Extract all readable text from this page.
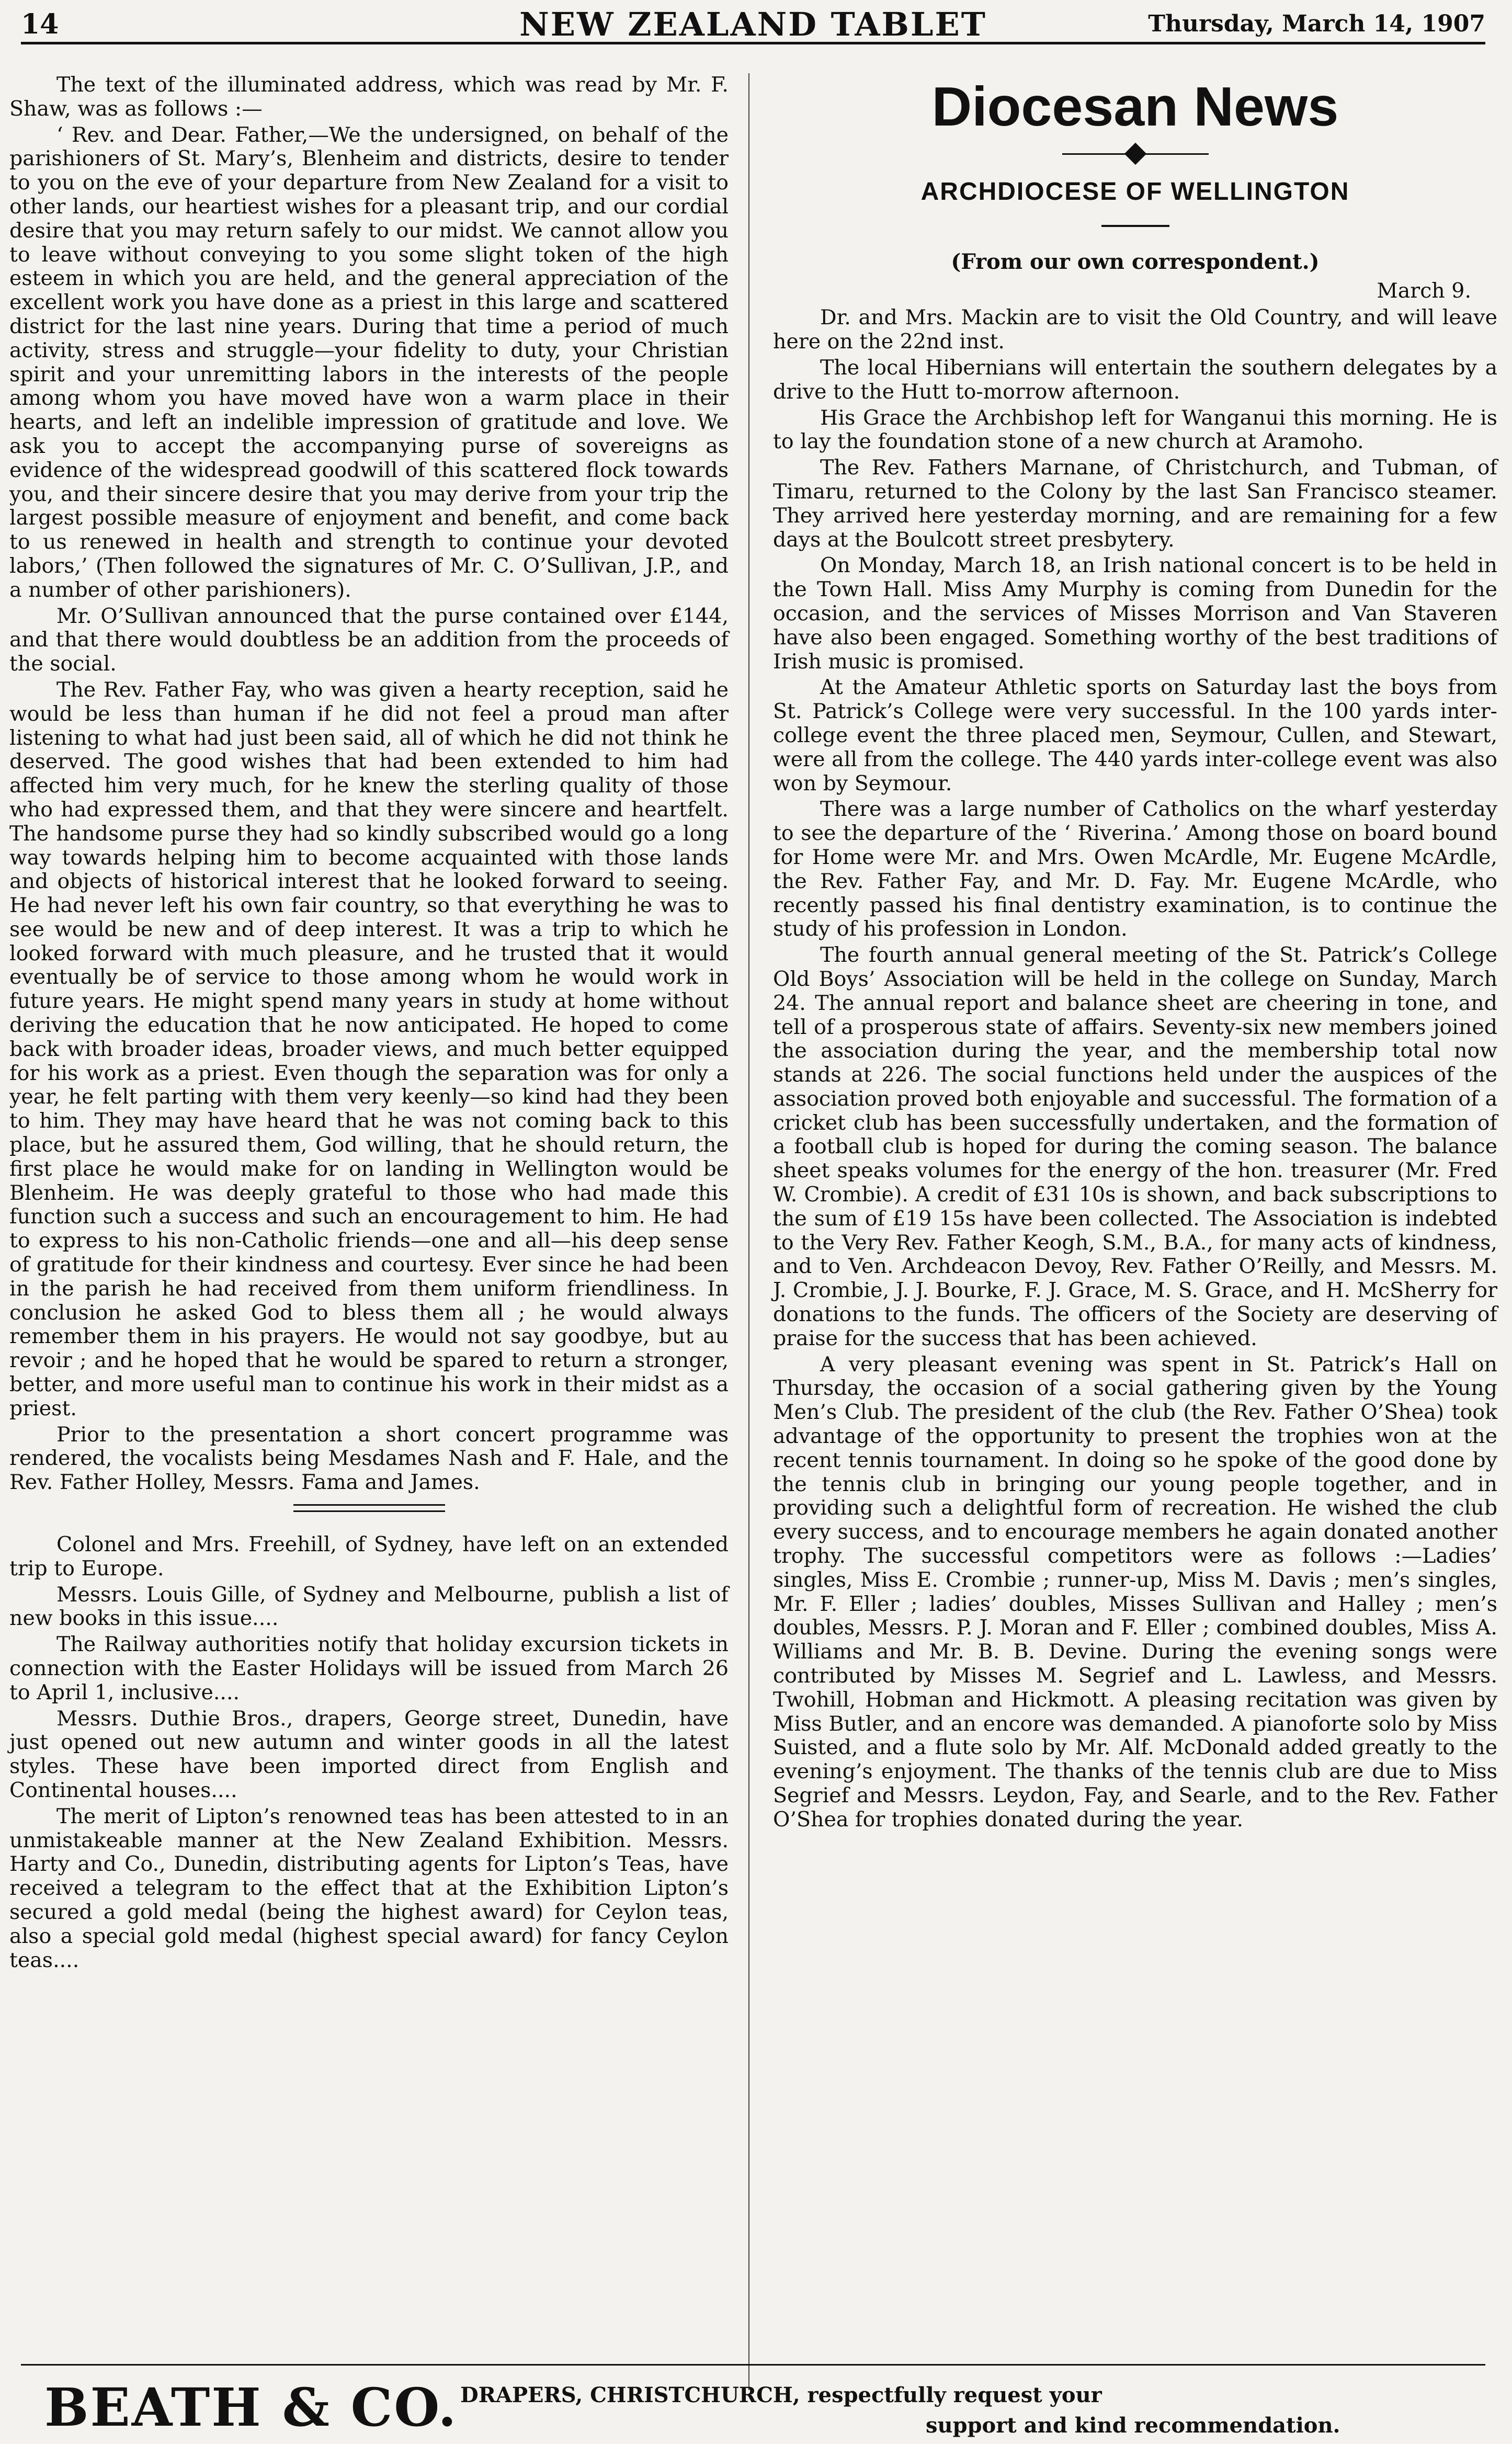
14	NEW ZEALAND TABLET	Thursday, March 14, 1907

The text of the illuminated address, which was read by Mr. F. Shaw, was as follows :—

‘ Rev. and Dear. Father,—We the undersigned, on behalf of the parishioners of St. Mary’s, Blenheim and districts, desire to tender to you on the eve of your departure from New Zealand for a visit to other lands, our heartiest wishes for a pleasant trip, and our cordial desire that you may return safely to our midst. We cannot allow you to leave without conveying to you some slight token of the high esteem in which you are held, and the general appreciation of the excellent work you have done as a priest in this large and scattered district for the last nine years. During that time a period of much activity, stress and struggle—your fidelity to duty, your Christian spirit and your unremitting labors in the interests of the people among whom you have moved have won a warm place in their hearts, and left an indelible impression of gratitude and love. We ask you to accept the accompanying purse of sovereigns as evidence of the widespread goodwill of this scattered flock towards you, and their sincere desire that you may derive from your trip the largest possible measure of enjoyment and benefit, and come back to us renewed in health and strength to continue your devoted labors,’ (Then followed the signatures of Mr. C. O’Sullivan, J.P., and a number of other parishioners).

Mr. O’Sullivan announced that the purse contained over £144, and that there would doubtless be an addition from the proceeds of the social.

The Rev. Father Fay, who was given a hearty reception, said he would be less than human if he did not feel a proud man after listening to what had just been said, all of which he did not think he deserved. The good wishes that had been extended to him had affected him very much, for he knew the sterling quality of those who had expressed them, and that they were sincere and heartfelt. The handsome purse they had so kindly subscribed would go a long way towards helping him to become acquainted with those lands and objects of historical interest that he looked forward to seeing. He had never left his own fair country, so that everything he was to see would be new and of deep interest. It was a trip to which he looked forward with much pleasure, and he trusted that it would eventually be of service to those among whom he would work in future years. He might spend many years in study at home without deriving the education that he now anticipated. He hoped to come back with broader ideas, broader views, and much better equipped for his work as a priest. Even though the separation was for only a year, he felt parting with them very keenly—so kind had they been to him. They may have heard that he was not coming back to this place, but he assured them, God willing, that he should return, the first place he would make for on landing in Wellington would be Blenheim. He was deeply grateful to those who had made this function such a success and such an encouragement to him. He had to express to his non-Catholic friends—one and all—his deep sense of gratitude for their kindness and courtesy. Ever since he had been in the parish he had received from them uniform friendliness. In conclusion he asked God to bless them all ; he would always remember them in his prayers. He would not say goodbye, but au revoir ; and he hoped that he would be spared to return a stronger, better, and more useful man to continue his work in their midst as a priest.

Prior to the presentation a short concert programme was rendered, the vocalists being Mesdames Nash and F. Hale, and the Rev. Father Holley, Messrs. Fama and James.

Colonel and Mrs. Freehill, of Sydney, have left on an extended trip to Europe.

Messrs. Louis Gille, of Sydney and Melbourne, publish a list of new books in this issue....

The Railway authorities notify that holiday excursion tickets in connection with the Easter Holidays will be issued from March 26 to April 1, inclusive....

Messrs. Duthie Bros., drapers, George street, Dunedin, have just opened out new autumn and winter goods in all the latest styles. These have been imported direct from English and Continental houses....

The merit of Lipton’s renowned teas has been attested to in an unmistakeable manner at the New Zealand Exhibition. Messrs. Harty and Co., Dunedin, distributing agents for Lipton’s Teas, have received a telegram to the effect that at the Exhibition Lipton’s secured a gold medal (being the highest award) for Ceylon teas, also a special gold medal (highest special award) for fancy Ceylon teas....

Diocesan News
ARCHDIOCESE OF WELLINGTON

(From our own correspondent.)

March 9.

Dr. and Mrs. Mackin are to visit the Old Country, and will leave here on the 22nd inst.

The local Hibernians will entertain the southern delegates by a drive to the Hutt to-morrow afternoon.

His Grace the Archbishop left for Wanganui this morning. He is to lay the foundation stone of a new church at Aramoho.

The Rev. Fathers Marnane, of Christchurch, and Tubman, of Timaru, returned to the Colony by the last San Francisco steamer. They arrived here yesterday morning, and are remaining for a few days at the Boulcott street presbytery.

On Monday, March 18, an Irish national concert is to be held in the Town Hall. Miss Amy Murphy is coming from Dunedin for the occasion, and the services of Misses Morrison and Van Staveren have also been engaged. Something worthy of the best traditions of Irish music is promised.

At the Amateur Athletic sports on Saturday last the boys from St. Patrick’s College were very successful. In the 100 yards inter-college event the three placed men, Seymour, Cullen, and Stewart, were all from the college. The 440 yards inter-college event was also won by Seymour.

There was a large number of Catholics on the wharf yesterday to see the departure of the ‘ Riverina.’ Among those on board bound for Home were Mr. and Mrs. Owen McArdle, Mr. Eugene McArdle, the Rev. Father Fay, and Mr. D. Fay. Mr. Eugene McArdle, who recently passed his final dentistry examination, is to continue the study of his profession in London.

The fourth annual general meeting of the St. Patrick’s College Old Boys’ Association will be held in the college on Sunday, March 24. The annual report and balance sheet are cheering in tone, and tell of a prosperous state of affairs. Seventy-six new members joined the association during the year, and the membership total now stands at 226. The social functions held under the auspices of the association proved both enjoyable and successful. The formation of a cricket club has been successfully undertaken, and the formation of a football club is hoped for during the coming season. The balance sheet speaks volumes for the energy of the hon. treasurer (Mr. Fred W. Crombie). A credit of £31 10s is shown, and back subscriptions to the sum of £19 15s have been collected. The Association is indebted to the Very Rev. Father Keogh, S.M., B.A., for many acts of kindness, and to Ven. Archdeacon Devoy, Rev. Father O’Reilly, and Messrs. M. J. Crombie, J. J. Bourke, F. J. Grace, M. S. Grace, and H. McSherry for donations to the funds. The officers of the Society are deserving of praise for the success that has been achieved.

A very pleasant evening was spent in St. Patrick’s Hall on Thursday, the occasion of a social gathering given by the Young Men’s Club. The president of the club (the Rev. Father O’Shea) took advantage of the opportunity to present the trophies won at the recent tennis tournament. In doing so he spoke of the good done by the tennis club in bringing our young people together, and in providing such a delightful form of recreation. He wished the club every success, and to encourage members he again donated another trophy. The successful competitors were as follows :—Ladies’ singles, Miss E. Crombie ; runner-up, Miss M. Davis ; men’s singles, Mr. F. Eller ; ladies’ doubles, Misses Sullivan and Halley ; men’s doubles, Messrs. P. J. Moran and F. Eller ; combined doubles, Miss A. Williams and Mr. B. B. Devine. During the evening songs were contributed by Misses M. Segrief and L. Lawless, and Messrs. Twohill, Hobman and Hickmott. A pleasing recitation was given by Miss Butler, and an encore was demanded. A pianoforte solo by Miss Suisted, and a flute solo by Mr. Alf. McDonald added greatly to the evening’s enjoyment. The thanks of the tennis club are due to Miss Segrief and Messrs. Leydon, Fay, and Searle, and to the Rev. Father O’Shea for trophies donated during the year.

BEATH & CO. DRAPERS, CHRISTCHURCH, respectfully request your
support and kind recommendation.
